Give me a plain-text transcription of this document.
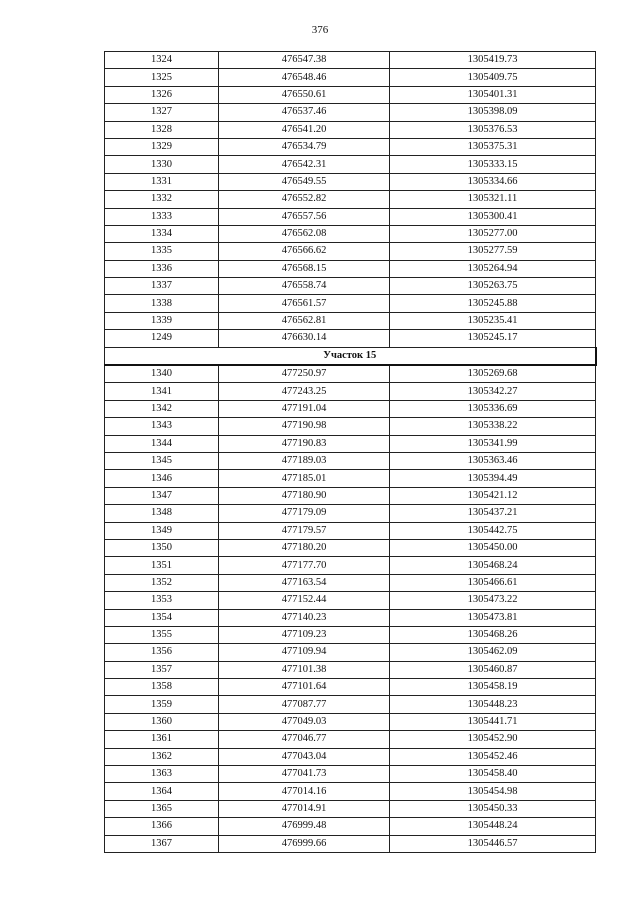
376
1324	476547.38	1305419.73
1325	476548.46	1305409.75
1326	476550.61	1305401.31
1327	476537.46	1305398.09
1328	476541.20	1305376.53
1329	476534.79	1305375.31
1330	476542.31	1305333.15
1331	476549.55	1305334.66
1332	476552.82	1305321.11
1333	476557.56	1305300.41
1334	476562.08	1305277.00
1335	476566.62	1305277.59
1336	476568.15	1305264.94
1337	476558.74	1305263.75
1338	476561.57	1305245.88
1339	476562.81	1305235.41
1249	476630.14	1305245.17
Участок 15		
1340	477250.97	1305269.68
1341	477243.25	1305342.27
1342	477191.04	1305336.69
1343	477190.98	1305338.22
1344	477190.83	1305341.99
1345	477189.03	1305363.46
1346	477185.01	1305394.49
1347	477180.90	1305421.12
1348	477179.09	1305437.21
1349	477179.57	1305442.75
1350	477180.20	1305450.00
1351	477177.70	1305468.24
1352	477163.54	1305466.61
1353	477152.44	1305473.22
1354	477140.23	1305473.81
1355	477109.23	1305468.26
1356	477109.94	1305462.09
1357	477101.38	1305460.87
1358	477101.64	1305458.19
1359	477087.77	1305448.23
1360	477049.03	1305441.71
1361	477046.77	1305452.90
1362	477043.04	1305452.46
1363	477041.73	1305458.40
1364	477014.16	1305454.98
1365	477014.91	1305450.33
1366	476999.48	1305448.24
1367	476999.66	1305446.57
